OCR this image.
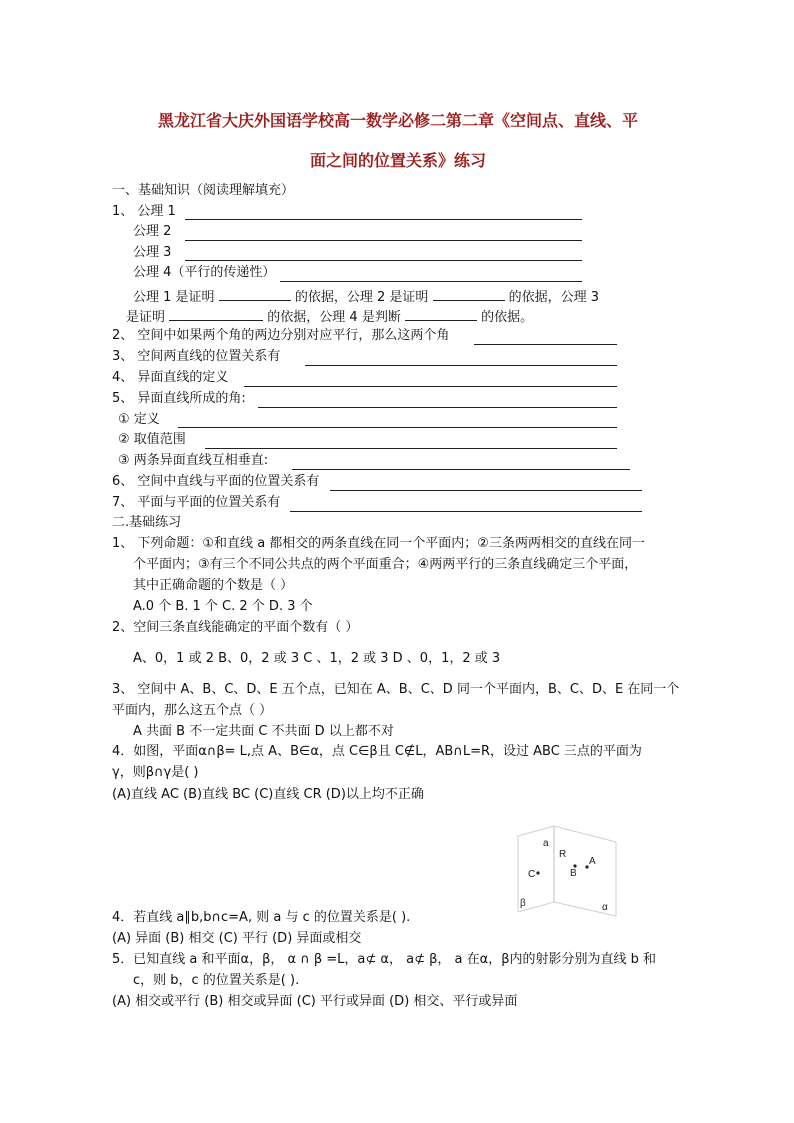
黑龙江省大庆外国语学校高一数学必修二第二章《空间点、直线、平
面之间的位置关系》练习
一、基础知识（阅读理解填充）
1、 公理 1
公理 2
公理 3
公理 4（平行的传递性）
公理 1 是证明	的依据，公理 2 是证明	的依据，公理 3
是证明	的依据，公理 4 是判断	的依据。
2、 空间中如果两个角的两边分别对应平行，那么这两个角
3、 空间两直线的位置关系有
4、 异面直线的定义
5、 异面直线所成的角:
① 定义
② 取值范围
③ 两条异面直线互相垂直:
6、 空间中直线与平面的位置关系有
7、 平面与平面的位置关系有
二.基础练习
1、 下列命题：①和直线 a 都相交的两条直线在同一个平面内；②三条两两相交的直线在同一
个平面内；③有三个不同公共点的两个平面重合；④两两平行的三条直线确定三个平面，
其中正确命题的个数是（ ）
A.0 个 B. 1 个 C. 2 个 D. 3 个
2、空间三条直线能确定的平面个数有（ ）
A、0，1 或 2 B、0，2 或 3 C 、1，2 或 3 D 、0，1，2 或 3
3、 空间中 A、B、C、D、E 五个点，已知在 A、B、C、D 同一个平面内，B、C、D、E 在同一个
平面内，那么这五个点（ ）
A 共面 B 不一定共面 C 不共面 D 以上都不对
4．如图，平面α∩β= L,点 A、B∈α，点 C∈β且 C∉L，AB∩L=R，设过 ABC 三点的平面为
γ，则β∩γ是( )
(A)直线 AC (B)直线 BC (C)直线 CR (D)以上均不正确
a
R
A
B
C
β	α
4．若直线 a∥b,b∩c=A, 则 a 与 c 的位置关系是( ).
(A) 异面 (B) 相交 (C) 平行 (D) 异面或相交
5．已知直线 a 和平面α，β， α ∩ β =L，a⊄ α， a⊄ β， a 在α，β内的射影分别为直线 b 和
c，则 b，c 的位置关系是( ).
(A) 相交或平行 (B) 相交或异面 (C) 平行或异面 (D) 相交、平行或异面
